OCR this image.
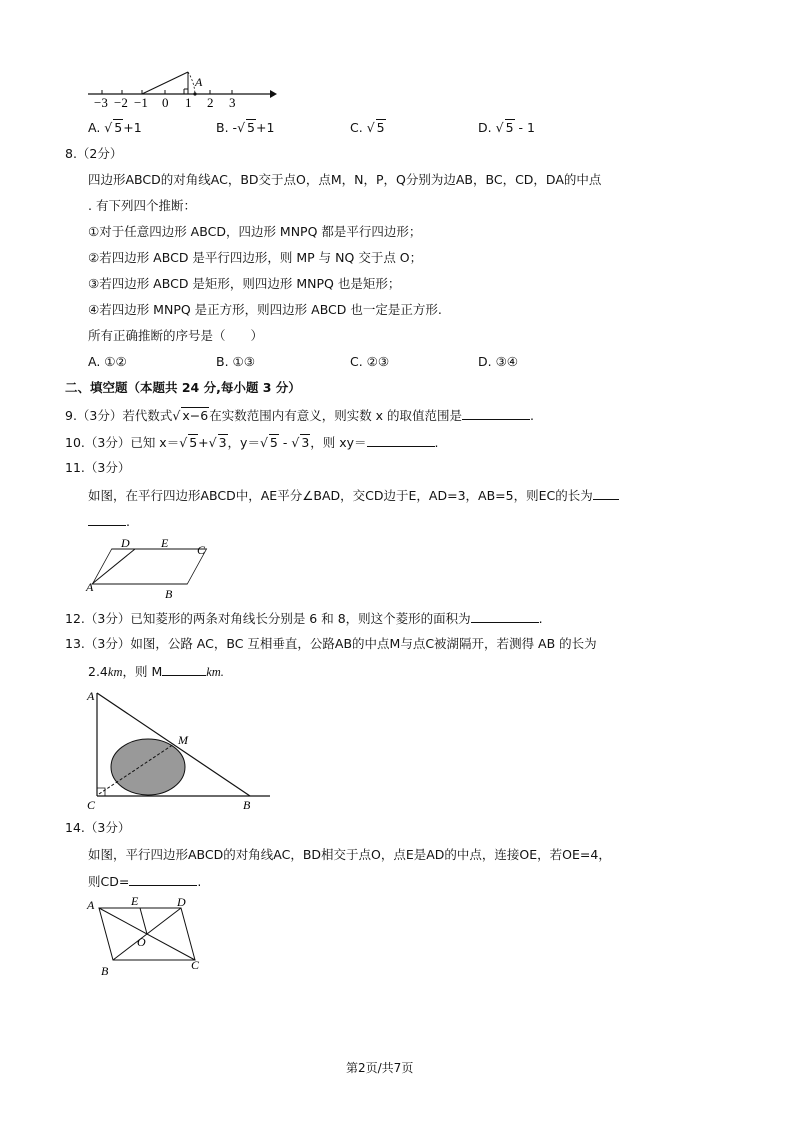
−3 −2 −1 0 1 2 3
A
A. √ 5+1	B. -√ 5+1	C. √ 5	D. √ 5 - 1
8.（2分）
四边形ABCD的对角线AC，BD交于点O，点M，N，P，Q分别为边AB，BC，CD，DA的中点
. 有下列四个推断：
①对于任意四边形 ABCD，四边形 MNPQ 都是平行四边形；
②若四边形 ABCD 是平行四边形，则 MP 与 NQ 交于点 O；
③若四边形 ABCD 是矩形，则四边形 MNPQ 也是矩形；
④若四边形 MNPQ 是正方形，则四边形 ABCD 也一定是正方形.
所有正确推断的序号是（　　）
A. ①②	B. ①③	C. ②③	D. ③④
二、填空题（本题共 24 分,每小题 3 分）
9.（3分）若代数式√ x−6在实数范围内有意义，则实数 x 的取值范围是	.
10.（3分）已知 x＝√ 5+√ 3，y＝√ 5 - √ 3，则 xy＝	.
11.（3分）
如图，在平行四边形ABCD中，AE平分∠BAD，交CD边于E，AD=3，AB=5，则EC的长为
.
D	E C
A	B
12.（3分）已知菱形的两条对角线长分别是 6 和 8，则这个菱形的面积为	.
13.（3分）如图，公路 AC，BC 互相垂直，公路AB的中点M与点C被湖隔开，若测得 AB 的长为
2.4km，则 M	km.
A
M
C	B
14.（3分）
如图，平行四边形ABCD的对角线AC，BD相交于点O，点E是AD的中点，连接OE，若OE=4，
则CD=	.
A	E	D
O
B	C
第2页/共7页
